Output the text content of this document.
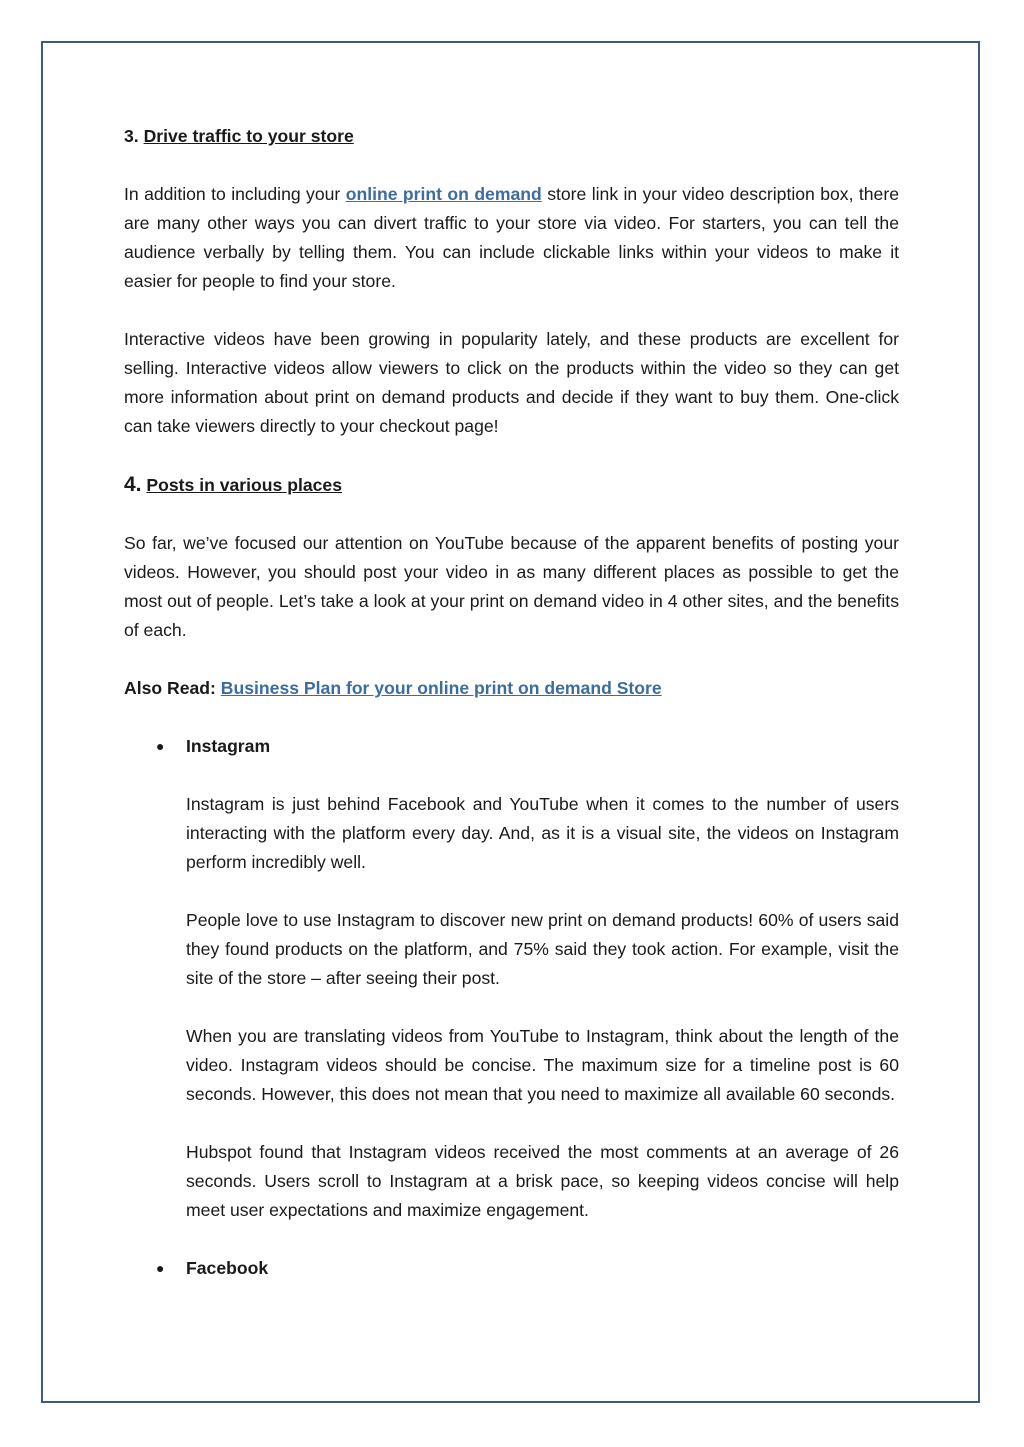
3. Drive traffic to your store

In addition to including your online print on demand store link in your video description box, there are many other ways you can divert traffic to your store via video. For starters, you can tell the audience verbally by telling them. You can include clickable links within your videos to make it easier for people to find your store.

Interactive videos have been growing in popularity lately, and these products are excellent for selling. Interactive videos allow viewers to click on the products within the video so they can get more information about print on demand products and decide if they want to buy them. One-click can take viewers directly to your checkout page!

4. Posts in various places

So far, we’ve focused our attention on YouTube because of the apparent benefits of posting your videos. However, you should post your video in as many different places as possible to get the most out of people. Let’s take a look at your print on demand video in 4 other sites, and the benefits of each.

Also Read: Business Plan for your online print on demand Store

● Instagram

Instagram is just behind Facebook and YouTube when it comes to the number of users interacting with the platform every day. And, as it is a visual site, the videos on Instagram perform incredibly well.

People love to use Instagram to discover new print on demand products! 60% of users said they found products on the platform, and 75% said they took action. For example, visit the site of the store – after seeing their post.

When you are translating videos from YouTube to Instagram, think about the length of the video. Instagram videos should be concise. The maximum size for a timeline post is 60 seconds. However, this does not mean that you need to maximize all available 60 seconds.

Hubspot found that Instagram videos received the most comments at an average of 26 seconds. Users scroll to Instagram at a brisk pace, so keeping videos concise will help meet user expectations and maximize engagement.

● Facebook
